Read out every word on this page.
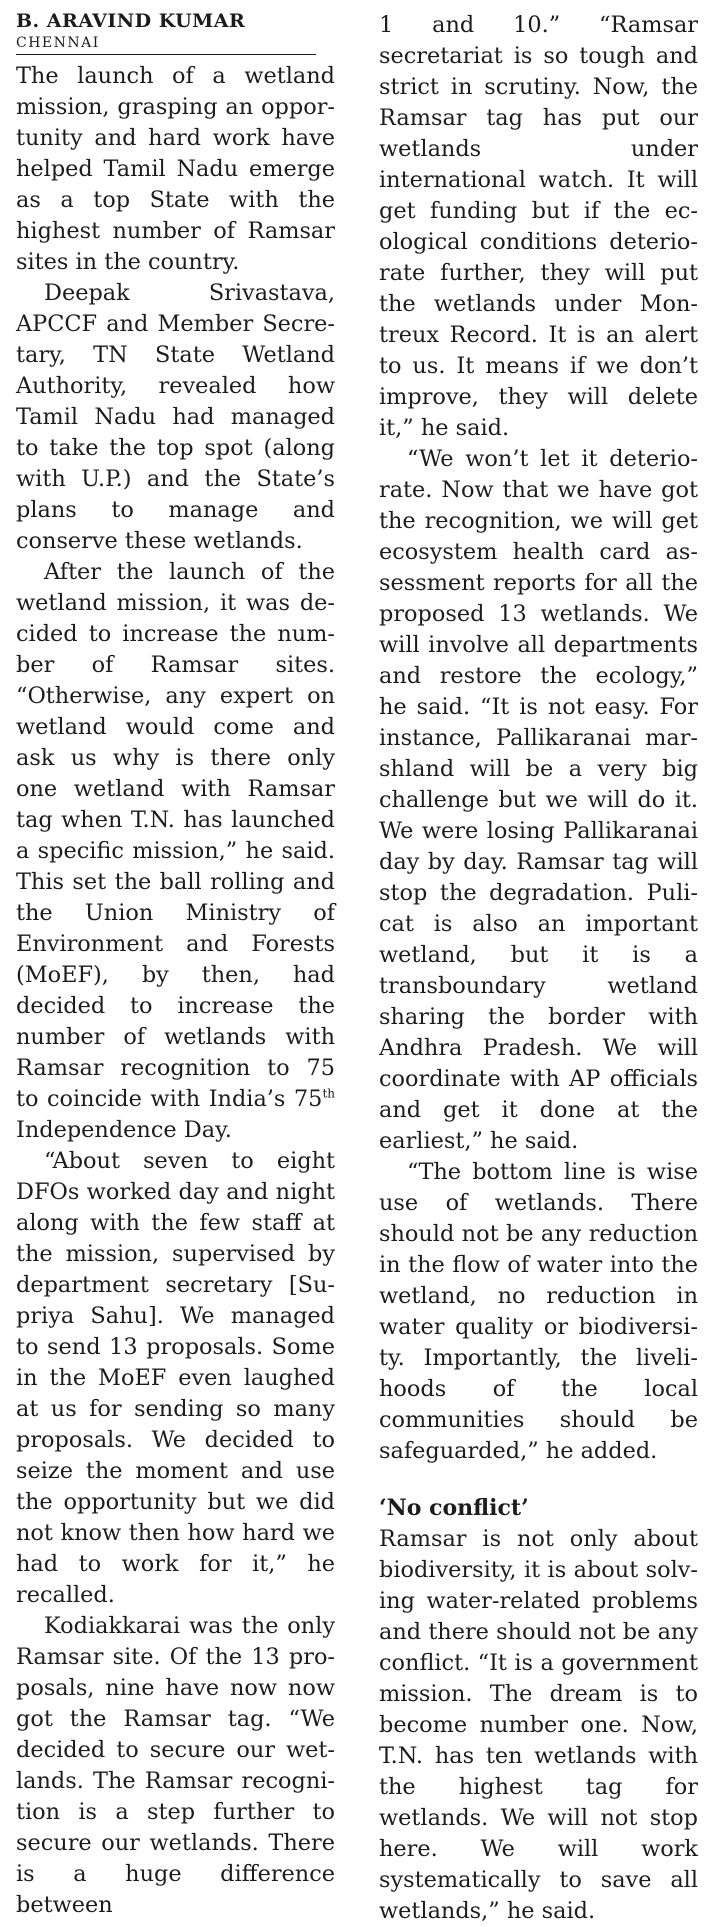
B. ARAVIND KUMAR
CHENNAI

The launch of a wetland mission, grasping an opportunity and hard work have helped Tamil Nadu emerge as a top State with the highest number of Ramsar sites in the country.

Deepak Srivastava, APCCF and Member Secretary, TN State Wetland Authority, revealed how Tamil Nadu had managed to take the top spot (along with U.P.) and the State’s plans to manage and conserve these wetlands.

After the launch of the wetland mission, it was decided to increase the number of Ramsar sites. “Otherwise, any expert on wetland would come and ask us why is there only one wetland with Ramsar tag when T.N. has launched a specific mission,” he said. This set the ball rolling and the Union Ministry of Environment and Forests (MoEF), by then, had decided to increase the number of wetlands with Ramsar recognition to 75 to coincide with India’s 75th Independence Day.

“About seven to eight DFOs worked day and night along with the few staff at the mission, supervised by department secretary [Supriya Sahu]. We managed to send 13 proposals. Some in the MoEF even laughed at us for sending so many proposals. We decided to seize the moment and use the opportunity but we did not know then how hard we had to work for it,” he recalled.

Kodiakkarai was the only Ramsar site. Of the 13 proposals, nine have now now got the Ramsar tag. “We decided to secure our wetlands. The Ramsar recognition is a step further to secure our wetlands. There is a huge difference between

1 and 10.” “Ramsar secretariat is so tough and strict in scrutiny. Now, the Ramsar tag has put our wetlands under international watch. It will get funding but if the ecological conditions deteriorate further, they will put the wetlands under Montreux Record. It is an alert to us. It means if we don’t improve, they will delete it,” he said.

“We won’t let it deteriorate. Now that we have got the recognition, we will get ecosystem health card assessment reports for all the proposed 13 wetlands. We will involve all departments and restore the ecology,” he said. “It is not easy. For instance, Pallikaranai marshland will be a very big challenge but we will do it. We were losing Pallikaranai day by day. Ramsar tag will stop the degradation. Pulicat is also an important wetland, but it is a transboundary wetland sharing the border with Andhra Pradesh. We will coordinate with AP officials and get it done at the earliest,” he said.

“The bottom line is wise use of wetlands. There should not be any reduction in the flow of water into the wetland, no reduction in water quality or biodiversity. Importantly, the livelihoods of the local communities should be safeguarded,” he added.

‘No conflict’

Ramsar is not only about biodiversity, it is about solving water-related problems and there should not be any conflict. “It is a government mission. The dream is to become number one. Now, T.N. has ten wetlands with the highest tag for wetlands. We will not stop here. We will work systematically to save all wetlands,” he said.
